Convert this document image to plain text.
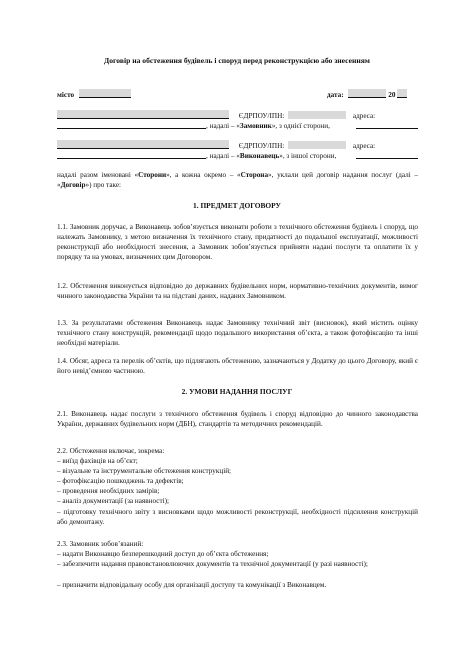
Договір на обстеження будівель і споруд перед реконструкцією або знесенням
місто	дата:	20
ЄДРПОУ/ІПН:	адреса:
, надалі – «Замовник», з однієї сторони,
ЄДРПОУ/ІПН:	адреса:
, надалі – «Виконавець», з іншої сторони,
надалі разом іменовані «Сторони», а кожна окремо – «Сторона», уклали цей договір надання послуг (далі – «Договір») про таке:
1. ПРЕДМЕТ ДОГОВОРУ
1.1. Замовник доручає, а Виконавець зобов’язується виконати роботи з технічного обстеження будівель і споруд, що належать Замовнику, з метою визначення їх технічного стану, придатності до подальшої експлуатації, можливості реконструкції або необхідності знесення, а Замовник зобов’язується прийняти надані послуги та оплатити їх у порядку та на умовах, визначених цим Договором.
1.2. Обстеження виконується відповідно до державних будівельних норм, нормативно-технічних документів, вимог чинного законодавства України та на підставі даних, наданих Замовником.
1.3. За результатами обстеження Виконавець надає Замовнику технічний звіт (висновок), який містить оцінку технічного стану конструкцій, рекомендації щодо подальшого використання об’єкта, а також фотофіксацію та інші необхідні матеріали.
1.4. Обсяг, адреса та перелік об’єктів, що підлягають обстеженню, зазначаються у Додатку до цього Договору, який є його невід’ємною частиною.
2. УМОВИ НАДАННЯ ПОСЛУГ
2.1. Виконавець надає послуги з технічного обстеження будівель і споруд відповідно до чинного законодавства України, державних будівельних норм (ДБН), стандартів та методичних рекомендацій.
2.2. Обстеження включає, зокрема:
– виїзд фахівців на об’єкт;
– візуальне та інструментальне обстеження конструкцій;
– фотофіксацію пошкоджень та дефектів;
– проведення необхідних замірів;
– аналіз документації (за наявності);
– підготовку технічного звіту з висновками щодо можливості реконструкції, необхідності підсилення конструкцій або демонтажу.
2.3. Замовник зобов’язаний:
– надати Виконавцю безперешкодний доступ до об’єкта обстеження;
– забезпечити надання правовстановлюючих документів та технічної документації (у разі наявності);
– призначити відповідальну особу для організації доступу та комунікації з Виконавцем.
